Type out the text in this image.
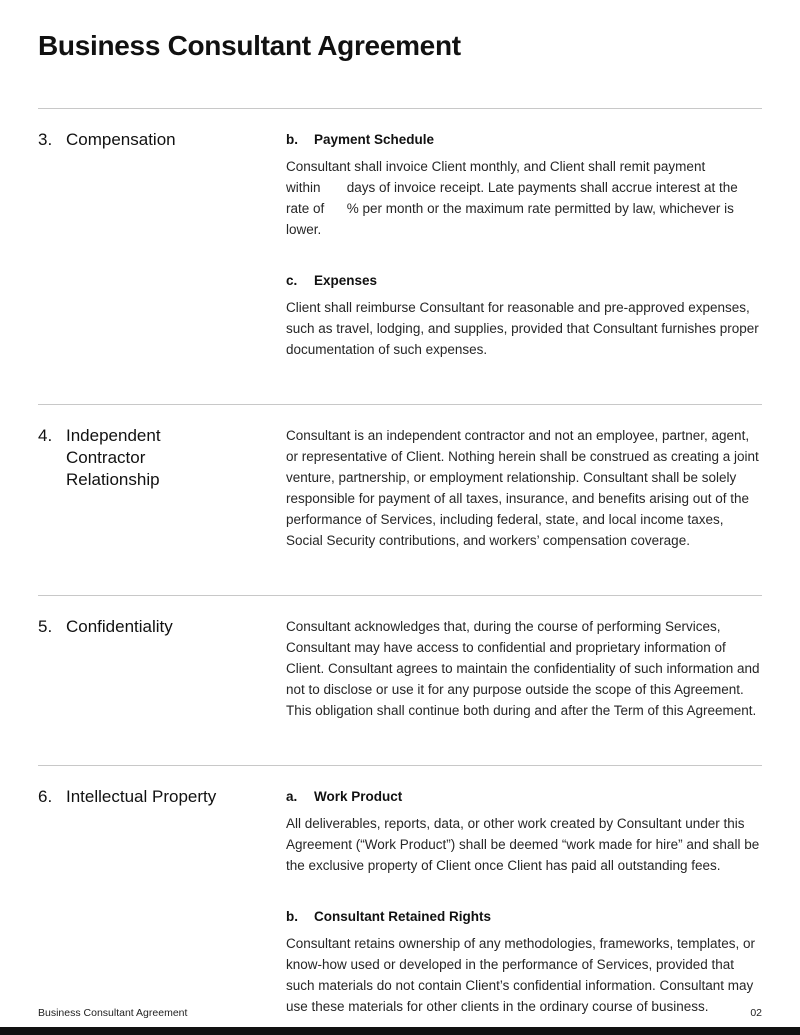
Business Consultant Agreement
3. Compensation	b.	Payment Schedule

Consultant shall invoice Client monthly, and Client shall remit payment within       days of invoice receipt. Late payments shall accrue interest at the rate of      % per month or the maximum rate permitted by law, whichever is lower.

c.	Expenses

Client shall reimburse Consultant for reasonable and pre-approved expenses, such as travel, lodging, and supplies, provided that Consultant furnishes proper documentation of such expenses.

4. Independent Contractor Relationship

Consultant is an independent contractor and not an employee, partner, agent, or representative of Client. Nothing herein shall be construed as creating a joint venture, partnership, or employment relationship. Consultant shall be solely responsible for payment of all taxes, insurance, and benefits arising out of the performance of Services, including federal, state, and local income taxes, Social Security contributions, and workers’ compensation coverage.

5. Confidentiality	Consultant acknowledges that, during the course of performing Services, Consultant may have access to confidential and proprietary information of Client. Consultant agrees to maintain the confidentiality of such information and not to disclose or use it for any purpose outside the scope of this Agreement. This obligation shall continue both during and after the Term of this Agreement.

6. Intellectual Property	a.	Work Product

All deliverables, reports, data, or other work created by Consultant under this Agreement (“Work Product”) shall be deemed “work made for hire” and shall be the exclusive property of Client once Client has paid all outstanding fees.

b.	Consultant Retained Rights

Consultant retains ownership of any methodologies, frameworks, templates, or know-how used or developed in the performance of Services, provided that such materials do not contain Client’s confidential information. Consultant may use these materials for other clients in the ordinary course of business.

Business Consultant Agreement	02
